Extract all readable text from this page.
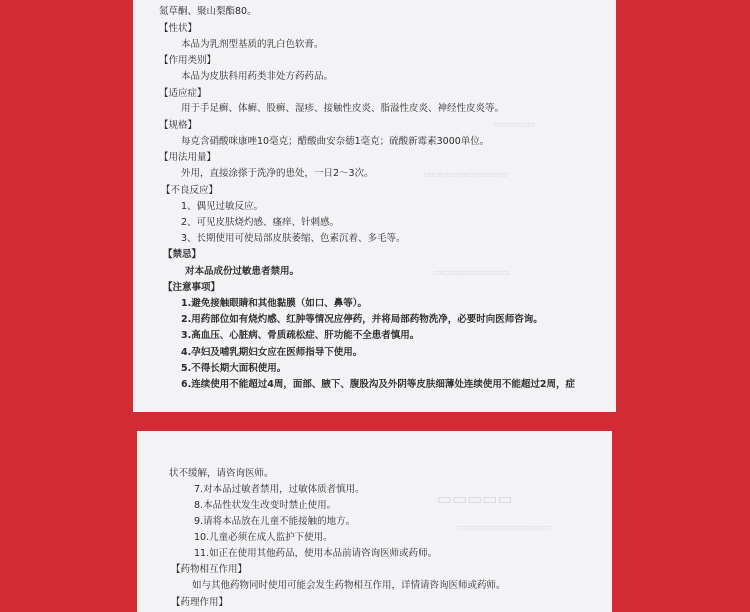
▭▭▭▭▭
▭▭▭▭▭▭▭▭▭▭
▭▭▭▭▭▭▭▭▭
氮草酮、聚山梨酯80。
【性状】
本品为乳剂型基质的乳白色软膏。
【作用类别】
本品为皮肤科用药类非处方药药品。
【适应症】
用于手足癣、体癣、股癣、湿疹、接触性皮炎、脂溢性皮炎、神经性皮炎等。
【规格】
每克含硝酸咪康唑10毫克；醋酸曲安奈德1毫克；硫酸新霉素3000单位。
【用法用量】
外用，直接涂搽于洗净的患处，一日2～3次。
【不良反应】
1、偶见过敏反应。
2、可见皮肤烧灼感、瘙痒、针刺感。
3、长期使用可使局部皮肤萎缩、色素沉着、多毛等。
【禁忌】
对本品成份过敏患者禁用。
【注意事项】
1.避免接触眼睛和其他黏膜（如口、鼻等）。
2.用药部位如有烧灼感、红肿等情况应停药，并将局部药物洗净，必要时向医师咨询。
3.高血压、心脏病、骨质疏松症、肝功能不全患者慎用。
4.孕妇及哺乳期妇女应在医师指导下使用。
5.不得长期大面积使用。
6.连续使用不能超过4周，面部、腋下、腹股沟及外阴等皮肤细薄处连续使用不能超过2周，症
▭▭▭▭▭
▭▭▭▭▭▭▭▭▭▭▭
状不缓解，请咨询医师。
7.对本品过敏者禁用，过敏体质者慎用。
8.本品性状发生改变时禁止使用。
9.请将本品放在儿童不能接触的地方。
10.儿童必须在成人监护下使用。
11.如正在使用其他药品，使用本品前请咨询医师或药师。
【药物相互作用】
如与其他药物同时使用可能会发生药物相互作用，详情请咨询医师或药师。
【药理作用】
